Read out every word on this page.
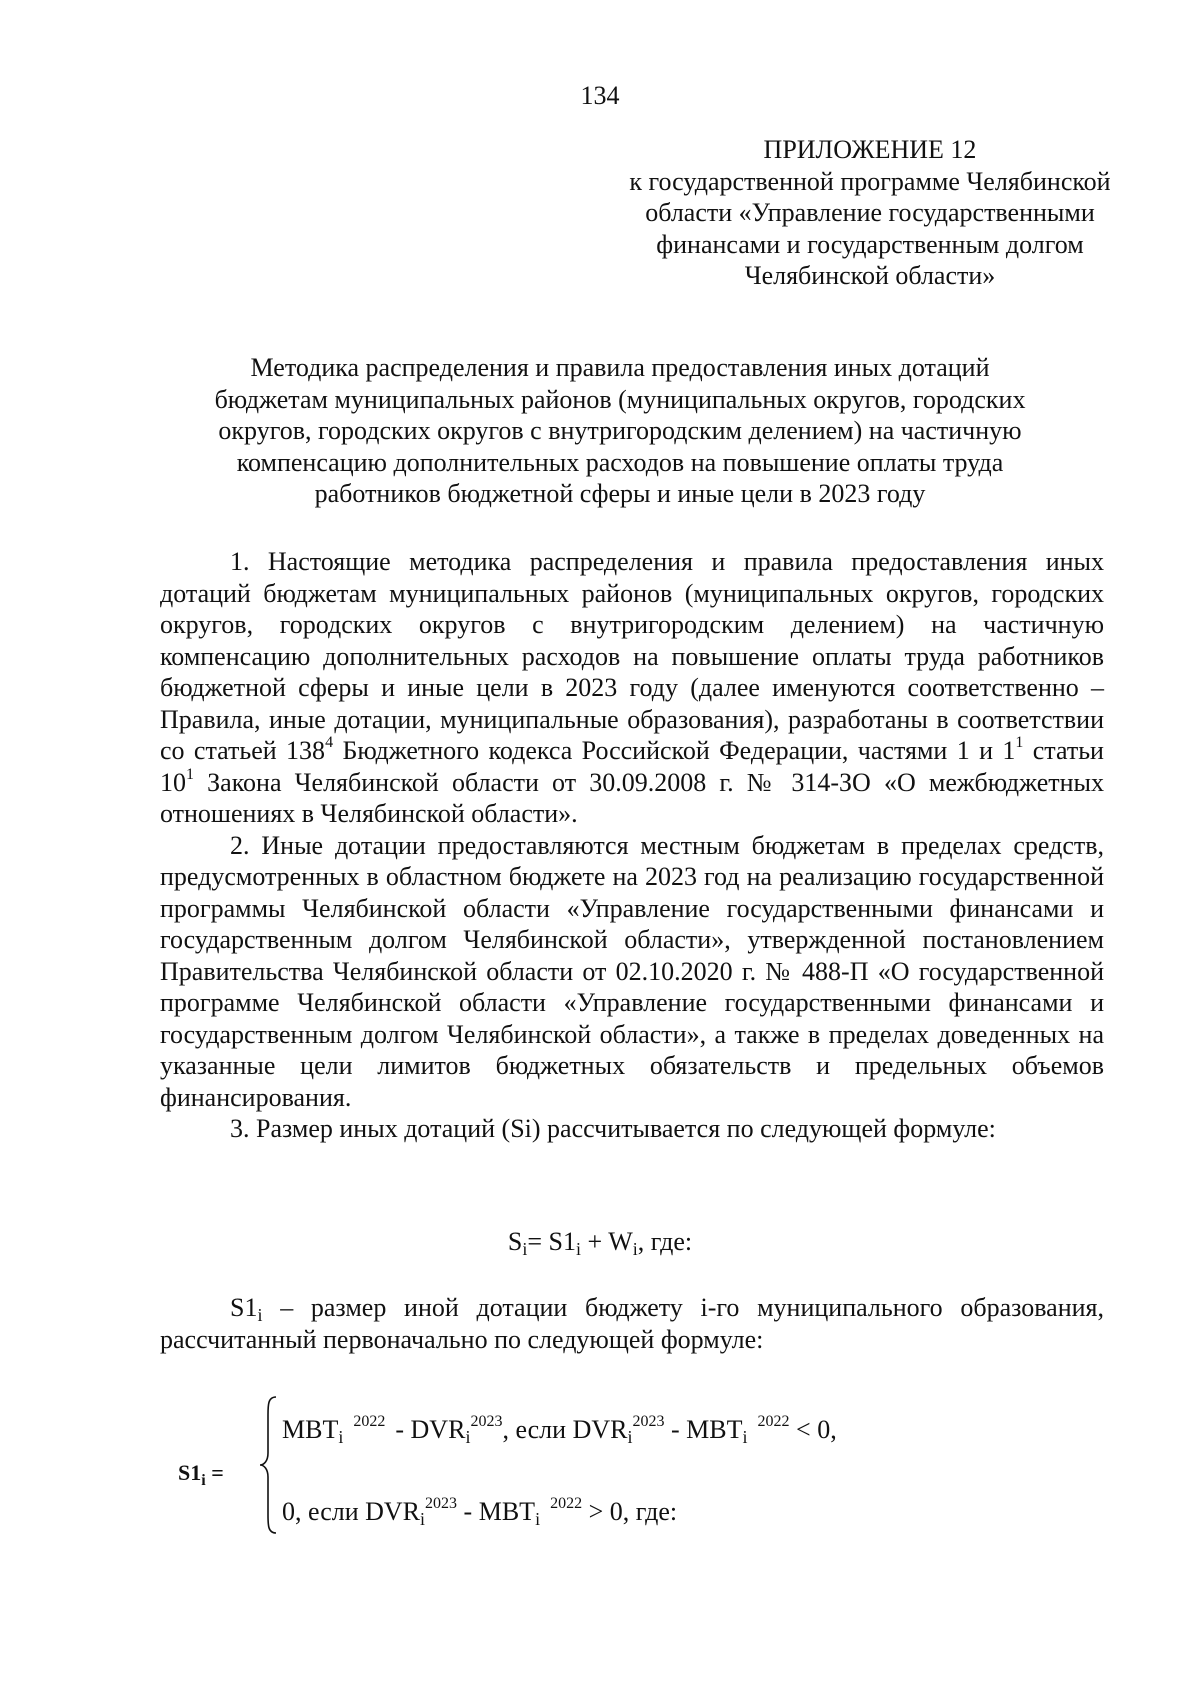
134
ПРИЛОЖЕНИЕ 12
к государственной программе Челябинской
области «Управление государственными
финансами и государственным долгом
Челябинской области»
Методика распределения и правила предоставления иных дотаций
бюджетам муниципальных районов (муниципальных округов, городских
округов, городских округов с внутригородским делением) на частичную
компенсацию дополнительных расходов на повышение оплаты труда
работников бюджетной сферы и иные цели в 2023 году

1. Настоящие методика распределения и правила предоставления иных дотаций бюджетам муниципальных районов (муниципальных округов, городских округов, городских округов с внутригородским делением) на частичную компенсацию дополнительных расходов на повышение оплаты труда работников бюджетной сферы и иные цели в 2023 году (далее именуются соответственно – Правила, иные дотации, муниципальные образования), разработаны в соответствии со статьей $138^4$ Бюджетного кодекса Российской Федерации, частями 1 и $1^1$ статьи $10^1$ Закона Челябинской области от 30.09.2008 г. № 314-ЗО «О межбюджетных отношениях в Челябинской области».

2. Иные дотации предоставляются местным бюджетам в пределах средств, предусмотренных в областном бюджете на 2023 год на реализацию государственной программы Челябинской области «Управление государственными финансами и государственным долгом Челябинской области», утвержденной постановлением Правительства Челябинской области от 02.10.2020 г. № 488-П «О государственной программе Челябинской области «Управление государственными финансами и государственным долгом Челябинской области», а также в пределах доведенных на указанные цели лимитов бюджетных обязательств и предельных объемов финансирования.

3. Размер иных дотаций (Si) рассчитывается по следующей формуле:

$S_i= S1_i + W_i$, где:

$S1_i$ – размер иной дотации бюджету i-го муниципального образования, рассчитанный первоначально по следующей формуле:

$S1_i$ =
$MBT_i^{2022} - DVR_i^{2023}$, если $DVR_i^{2023} - MBT_i^{2022} < 0$,
0, если $DVR_i^{2023} - MBT_i^{2022} > 0$, где:
